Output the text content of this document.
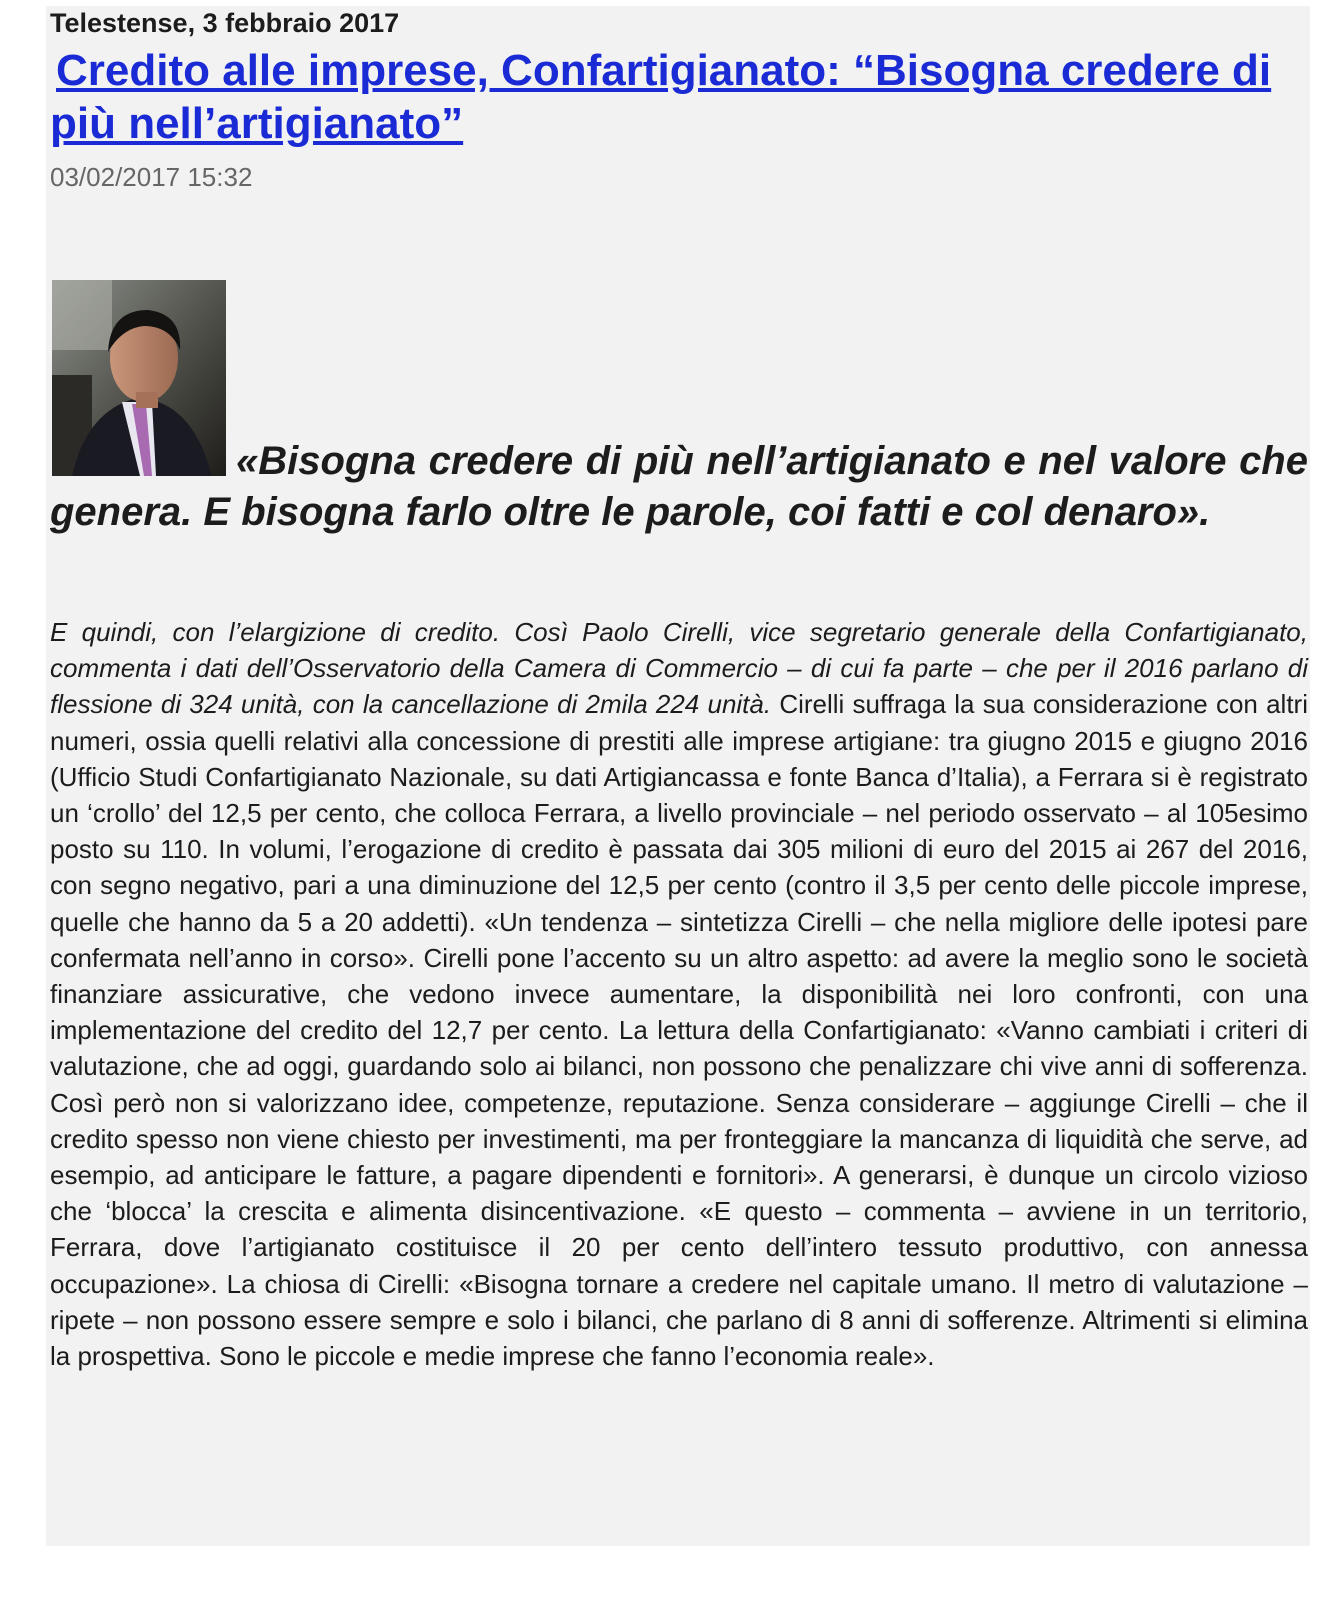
Telestense, 3 febbraio 2017

Credito alle imprese, Confartigianato: “Bisogna credere di più nell’artigianato”

03/02/2017 15:32

«Bisogna credere di più nell’artigianato e nel valore che genera. E bisogna farlo oltre le parole, coi fatti e col denaro».

E quindi, con l’elargizione di credito. Così Paolo Cirelli, vice segretario generale della Confartigianato, commenta i dati dell’Osservatorio della Camera di Commercio – di cui fa parte – che per il 2016 parlano di flessione di 324 unità, con la cancellazione di 2mila 224 unità. Cirelli suffraga la sua considerazione con altri numeri, ossia quelli relativi alla concessione di prestiti alle imprese artigiane: tra giugno 2015 e giugno 2016 (Ufficio Studi Confartigianato Nazionale, su dati Artigiancassa e fonte Banca d’Italia), a Ferrara si è registrato un ‘crollo’ del 12,5 per cento, che colloca Ferrara, a livello provinciale – nel periodo osservato – al 105esimo posto su 110. In volumi, l’erogazione di credito è passata dai 305 milioni di euro del 2015 ai 267 del 2016, con segno negativo, pari a una diminuzione del 12,5 per cento (contro il 3,5 per cento delle piccole imprese, quelle che hanno da 5 a 20 addetti). «Un tendenza – sintetizza Cirelli – che nella migliore delle ipotesi pare confermata nell’anno in corso». Cirelli pone l’accento su un altro aspetto: ad avere la meglio sono le società finanziare assicurative, che vedono invece aumentare, la disponibilità nei loro confronti, con una implementazione del credito del 12,7 per cento. La lettura della Confartigianato: «Vanno cambiati i criteri di valutazione, che ad oggi, guardando solo ai bilanci, non possono che penalizzare chi vive anni di sofferenza. Così però non si valorizzano idee, competenze, reputazione. Senza considerare – aggiunge Cirelli – che il credito spesso non viene chiesto per investimenti, ma per fronteggiare la mancanza di liquidità che serve, ad esempio, ad anticipare le fatture, a pagare dipendenti e fornitori». A generarsi, è dunque un circolo vizioso che ‘blocca’ la crescita e alimenta disincentivazione. «E questo – commenta – avviene in un territorio, Ferrara, dove l’artigianato costituisce il 20 per cento dell’intero tessuto produttivo, con annessa occupazione». La chiosa di Cirelli: «Bisogna tornare a credere nel capitale umano. Il metro di valutazione – ripete – non possono essere sempre e solo i bilanci, che parlano di 8 anni di sofferenze. Altrimenti si elimina la prospettiva. Sono le piccole e medie imprese che fanno l’economia reale».
